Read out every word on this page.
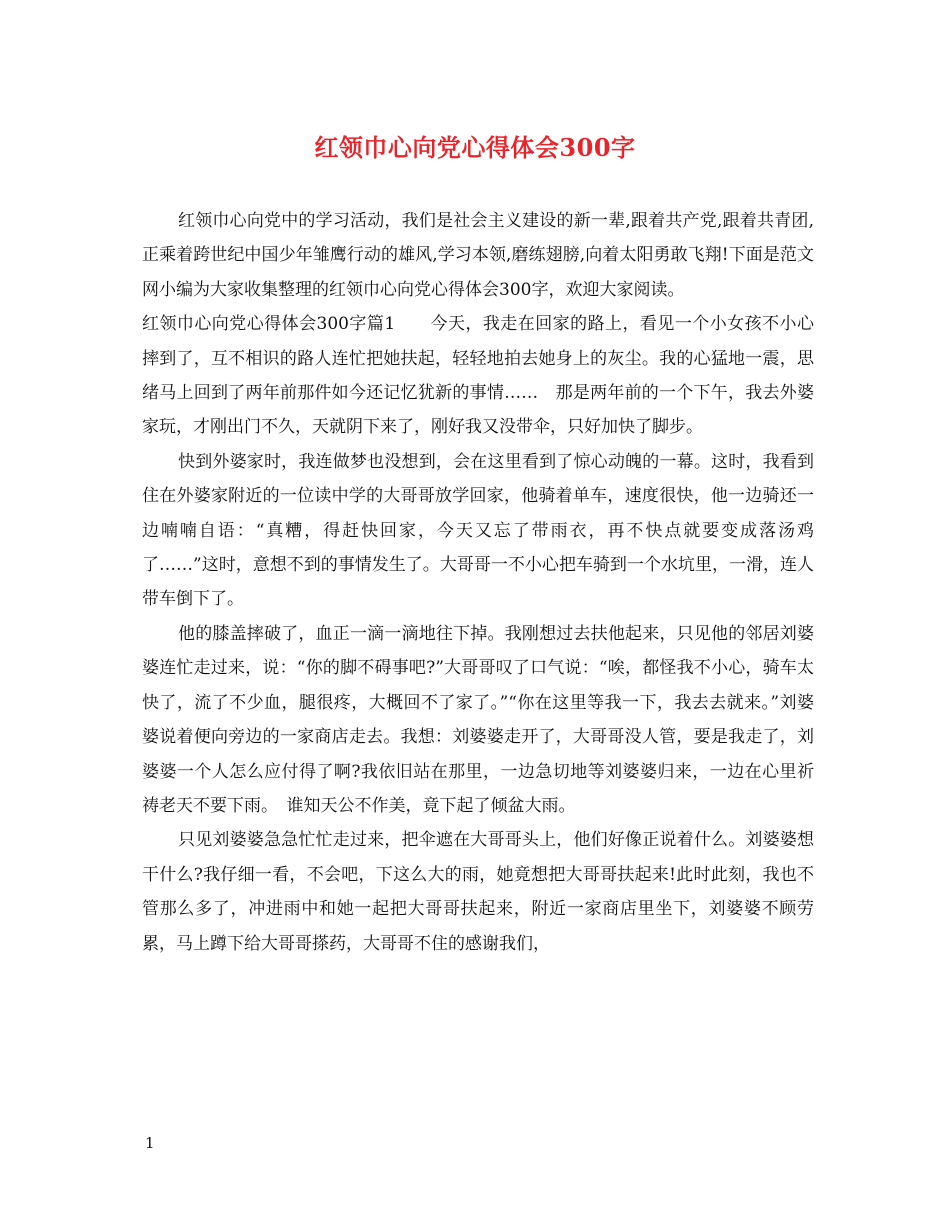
红领巾心向党心得体会300字

红领巾心向党中的学习活动，我们是社会主义建设的新一辈,跟着共产党,跟着共青团,正乘着跨世纪中国少年雏鹰行动的雄风,学习本领,磨练翅膀,向着太阳勇敢飞翔!下面是范文网小编为大家收集整理的红领巾心向党心得体会300字，欢迎大家阅读。

红领巾心向党心得体会300字篇1　　今天，我走在回家的路上，看见一个小女孩不小心摔到了，互不相识的路人连忙把她扶起，轻轻地拍去她身上的灰尘。我的心猛地一震，思绪马上回到了两年前那件如今还记忆犹新的事情……　那是两年前的一个下午，我去外婆家玩，才刚出门不久，天就阴下来了，刚好我又没带伞，只好加快了脚步。

快到外婆家时，我连做梦也没想到，会在这里看到了惊心动魄的一幕。这时，我看到住在外婆家附近的一位读中学的大哥哥放学回家，他骑着单车，速度很快，他一边骑还一边喃喃自语：“真糟，得赶快回家，今天又忘了带雨衣，再不快点就要变成落汤鸡了……”这时，意想不到的事情发生了。大哥哥一不小心把车骑到一个水坑里，一滑，连人带车倒下了。

他的膝盖摔破了，血正一滴一滴地往下掉。我刚想过去扶他起来，只见他的邻居刘婆婆连忙走过来，说：“你的脚不碍事吧?”大哥哥叹了口气说：“唉，都怪我不小心，骑车太快了，流了不少血，腿很疼，大概回不了家了。”“你在这里等我一下，我去去就来。”刘婆婆说着便向旁边的一家商店走去。我想：刘婆婆走开了，大哥哥没人管，要是我走了，刘婆婆一个人怎么应付得了啊?我依旧站在那里，一边急切地等刘婆婆归来，一边在心里祈祷老天不要下雨。　谁知天公不作美，竟下起了倾盆大雨。

只见刘婆婆急急忙忙走过来，把伞遮在大哥哥头上，他们好像正说着什么。刘婆婆想干什么?我仔细一看，不会吧，下这么大的雨，她竟想把大哥哥扶起来!此时此刻，我也不管那么多了，冲进雨中和她一起把大哥哥扶起来，附近一家商店里坐下，刘婆婆不顾劳累，马上蹲下给大哥哥搽药，大哥哥不住的感谢我们，

1
